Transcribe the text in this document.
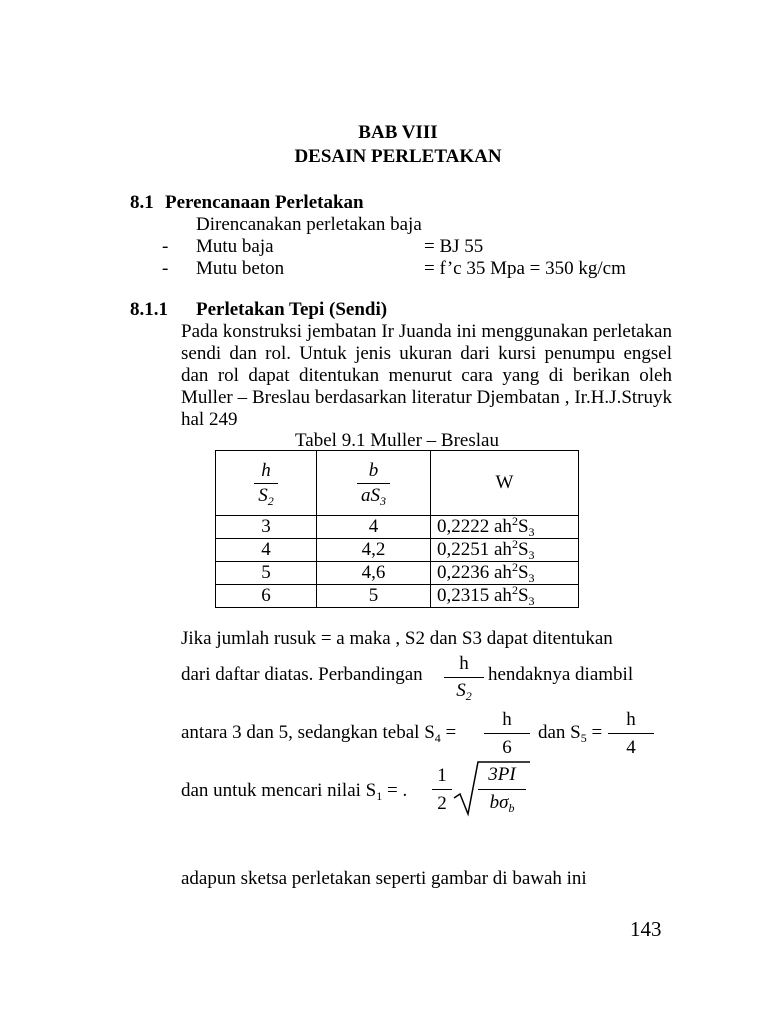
BAB VIII
DESAIN PERLETAKAN
8.1 Perencanaan Perletakan
Direncanakan perletakan baja
- Mutu baja	= BJ 55
- Mutu beton	= f’c 35 Mpa = 350 kg/cm
8.1.1 Perletakan Tepi (Sendi)
Pada konstruksi jembatan Ir Juanda ini menggunakan perletakan sendi dan rol. Untuk jenis ukuran dari kursi penumpu engsel dan rol dapat ditentukan menurut cara yang di berikan oleh Muller – Breslau berdasarkan literatur Djembatan , Ir.H.J.Struyk hal 249
Tabel 9.1 Muller – Breslau
$\frac{h}{S_2}$	$\frac{b}{aS_3}$	W
3	4	0,2222 $ah^2S_3$
4	4,2	0,2251 $ah^2S_3$
5	4,6	0,2236 $ah^2S_3$
6	5	0,2315 $ah^2S_3$
Jika jumlah rusuk = a maka , S2 dan S3 dapat ditentukan
dari daftar diatas. Perbandingan
h
$S_2$
hendaknya diambil
antara 3 dan 5, sedangkan tebal $S_4$ =
h
6
dan $S_5$ =
h
4
dan untuk mencari nilai $S_1$ = .
1
2
3PI
$b\sigma_b$
adapun sketsa perletakan seperti gambar di bawah ini
143
